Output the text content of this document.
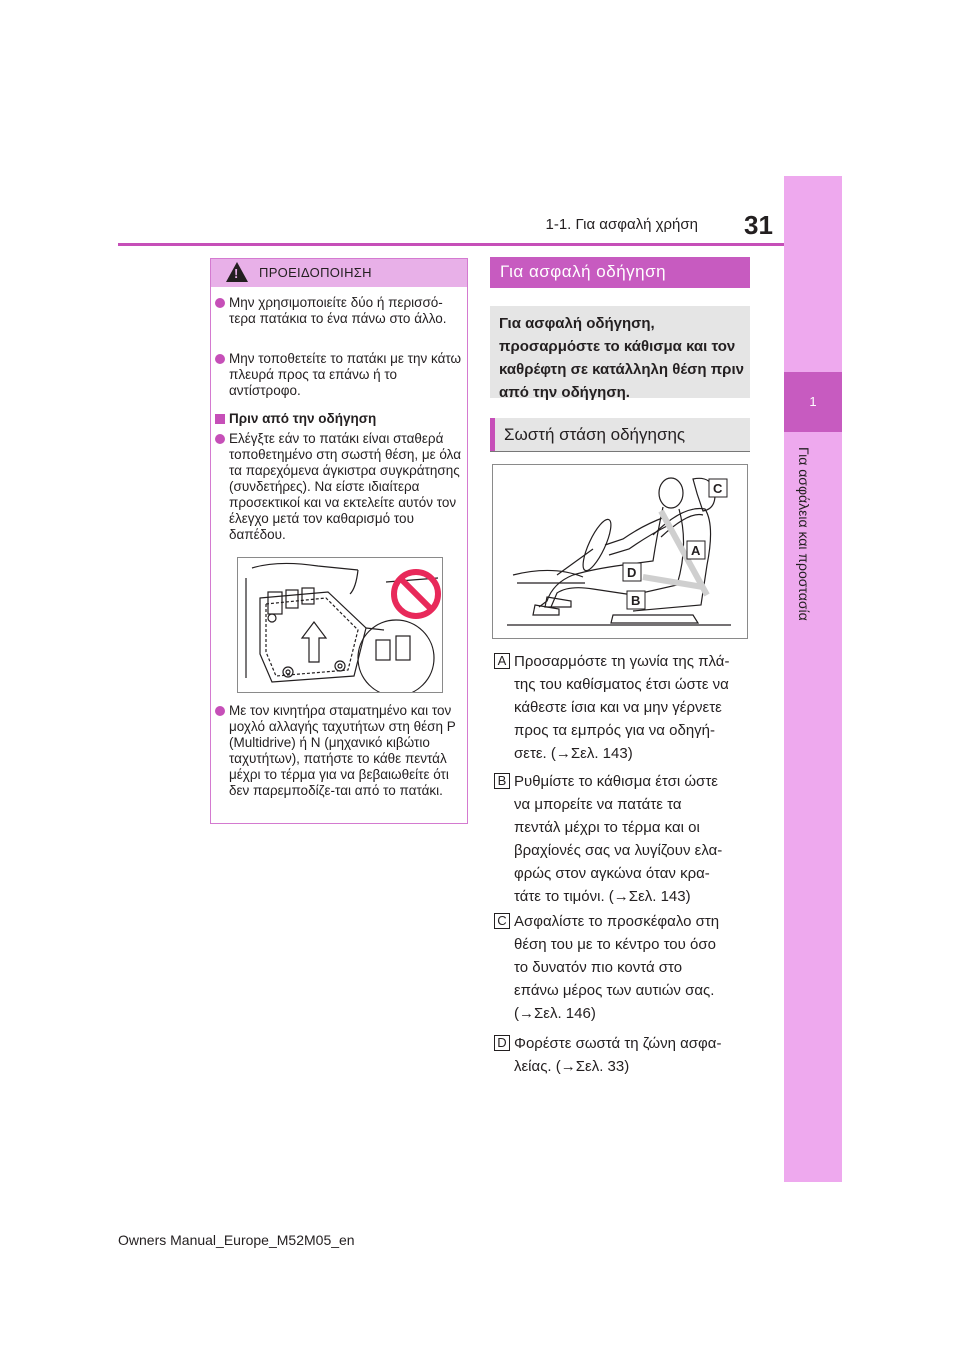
1-1. Για ασφαλή χρήση 31
1
Για ασφάλεια και προστασία
! ΠΡΟΕΙΔΟΠΟΙΗΣΗ
Μην χρησιμοποιείτε δύο ή περισσό-τερα πατάκια το ένα πάνω στο άλλο.
Μην τοποθετείτε το πατάκι με την κάτω πλευρά προς τα επάνω ή το αντίστροφο.
Πριν από την οδήγηση
Ελέγξτε εάν το πατάκι είναι σταθερά τοποθετημένο στη σωστή θέση, με όλα τα παρεχόμενα άγκιστρα συγκράτησης (συνδετήρες). Να είστε ιδιαίτερα προσεκτικοί και να εκτελείτε αυτόν τον έλεγχο μετά τον καθαρισμό του δαπέδου.
Με τον κινητήρα σταματημένο και τον μοχλό αλλαγής ταχυτήτων στη θέση P (Multidrive) ή N (μηχανικό κιβώτιο ταχυτήτων), πατήστε το κάθε πεντάλ μέχρι το τέρμα για να βεβαιωθείτε ότι δεν παρεμποδίζε-ται από το πατάκι.
Για ασφαλή οδήγηση
Για ασφαλή οδήγηση, προσαρμόστε το κάθισμα και τον καθρέφτη σε κατάλληλη θέση πριν από την οδήγηση.
Σωστή στάση οδήγησης
C
A
D
B
A Προσαρμόστε τη γωνία της πλά-
της του καθίσματος έτσι ώστε να
κάθεστε ίσια και να μην γέρνετε
προς τα εμπρός για να οδηγή-
σετε. (→Σελ. 143)
B Ρυθμίστε το κάθισμα έτσι ώστε
να μπορείτε να πατάτε τα
πεντάλ μέχρι το τέρμα και οι
βραχίονές σας να λυγίζουν ελα-
φρώς στον αγκώνα όταν κρα-
τάτε το τιμόνι. (→Σελ. 143)
C Ασφαλίστε το προσκέφαλο στη
θέση του με το κέντρο του όσο
το δυνατόν πιο κοντά στο
επάνω μέρος των αυτιών σας.
(→Σελ. 146)
D Φορέστε σωστά τη ζώνη ασφα-
λείας. (→Σελ. 33)
Owners Manual_Europe_M52M05_en
